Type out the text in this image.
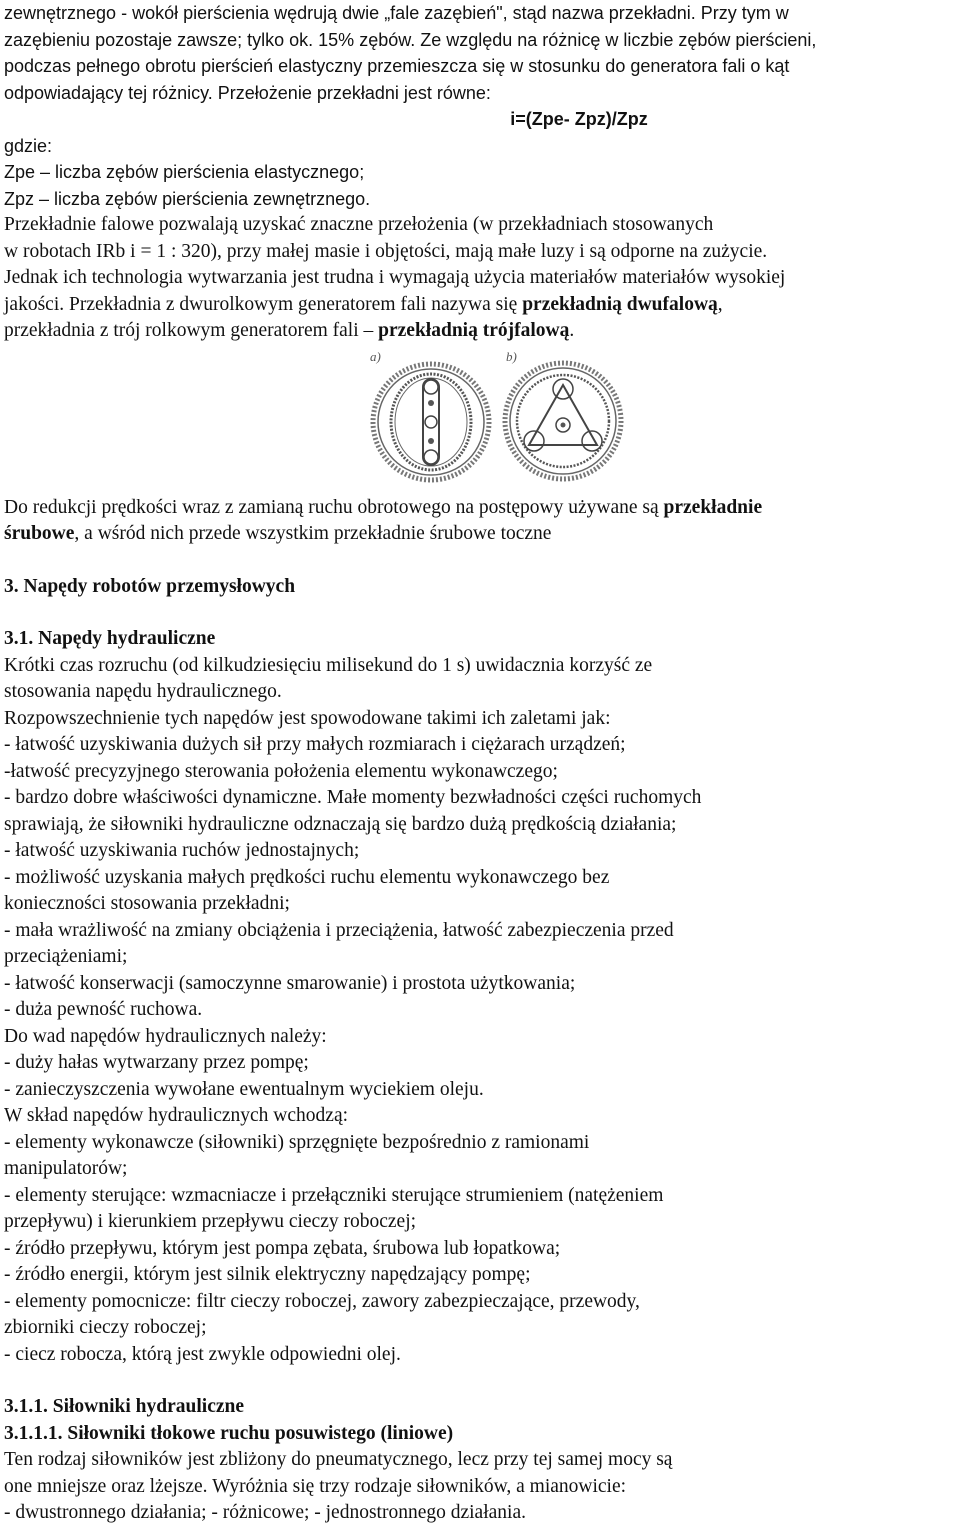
zewnętrznego - wokół pierścienia wędrują dwie „fale zazębień", stąd nazwa przekładni. Przy tym w

zazębieniu pozostaje zawsze; tylko ok. 15% zębów. Ze względu na różnicę w liczbie zębów pierścieni,

podczas pełnego obrotu pierścień elastyczny przemieszcza się w stosunku do generatora fali o kąt

odpowiadający tej różnicy. Przełożenie przekładni jest równe:

i=(Zpe- Zpz)/Zpz

gdzie:

Zpe – liczba zębów pierścienia elastycznego;

Zpz – liczba zębów pierścienia zewnętrznego.

Przekładnie falowe pozwalają uzyskać znaczne przełożenia (w przekładniach stosowanych

w robotach IRb i = 1 : 320), przy małej masie i objętości, mają małe luzy i są odporne na zużycie.

Jednak ich technologia wytwarzania jest trudna i wymagają użycia materiałów materiałów wysokiej

jakości. Przekładnia z dwurolkowym generatorem fali nazywa się przekładnią dwufalową,

przekładnia z trój rolkowym generatorem fali – przekładnią trójfalową.

a)	b)

Do redukcji prędkości wraz z zamianą ruchu obrotowego na postępowy używane są przekładnie

śrubowe, a wśród nich przede wszystkim przekładnie śrubowe toczne

3. Napędy robotów przemysłowych

3.1. Napędy hydrauliczne

Krótki czas rozruchu (od kilkudziesięciu milisekund do 1 s) uwidacznia korzyść ze

stosowania napędu hydraulicznego.

Rozpowszechnienie tych napędów jest spowodowane takimi ich zaletami jak:

- łatwość uzyskiwania dużych sił przy małych rozmiarach i ciężarach urządzeń;

-łatwość precyzyjnego sterowania położenia elementu wykonawczego;

- bardzo dobre właściwości dynamiczne. Małe momenty bezwładności części ruchomych

sprawiają, że siłowniki hydrauliczne odznaczają się bardzo dużą prędkością działania;

- łatwość uzyskiwania ruchów jednostajnych;

- możliwość uzyskania małych prędkości ruchu elementu wykonawczego bez

konieczności stosowania przekładni;

- mała wrażliwość na zmiany obciążenia i przeciążenia, łatwość zabezpieczenia przed

przeciążeniami;

- łatwość konserwacji (samoczynne smarowanie) i prostota użytkowania;

- duża pewność ruchowa.

Do wad napędów hydraulicznych należy:

- duży hałas wytwarzany przez pompę;

- zanieczyszczenia wywołane ewentualnym wyciekiem oleju.

W skład napędów hydraulicznych wchodzą:

- elementy wykonawcze (siłowniki) sprzęgnięte bezpośrednio z ramionami

manipulatorów;

- elementy sterujące: wzmacniacze i przełączniki sterujące strumieniem (natężeniem

przepływu) i kierunkiem przepływu cieczy roboczej;

- źródło przepływu, którym jest pompa zębata, śrubowa lub łopatkowa;

- źródło energii, którym jest silnik elektryczny napędzający pompę;

- elementy pomocnicze: filtr cieczy roboczej, zawory zabezpieczające, przewody,

zbiorniki cieczy roboczej;

- ciecz robocza, którą jest zwykle odpowiedni olej.

3.1.1. Siłowniki hydrauliczne

3.1.1.1. Siłowniki tłokowe ruchu posuwistego (liniowe)

Ten rodzaj siłowników jest zbliżony do pneumatycznego, lecz przy tej samej mocy są

one mniejsze oraz lżejsze. Wyróżnia się trzy rodzaje siłowników, a mianowicie:

- dwustronnego działania; - różnicowe; - jednostronnego działania.
